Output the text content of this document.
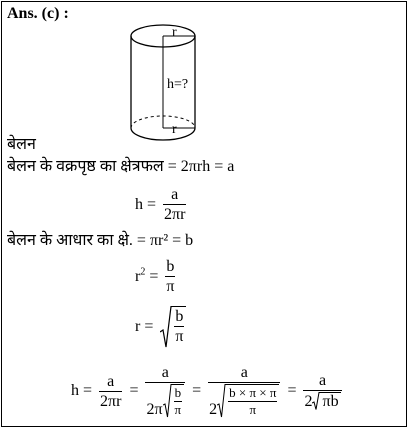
Ans. (c) :
r
h=?
r
बेलन
बेलन के वक्रपृष्ठ का क्षेत्रफल = 2πrh = a
$h = \frac{a}{2\pi r}$
बेलन के आधार का क्षे. = πr² = b
$r^2 = \frac{b}{\pi}$
$r = \frac{b}{\pi}$
$h = \frac{a}{2\pi r}$ =
a
$2\pi \frac{b}{\pi}$ =
a
$2 \frac{b \times \pi \times \pi}{\pi} = \frac{a}{2 \pi b}$
